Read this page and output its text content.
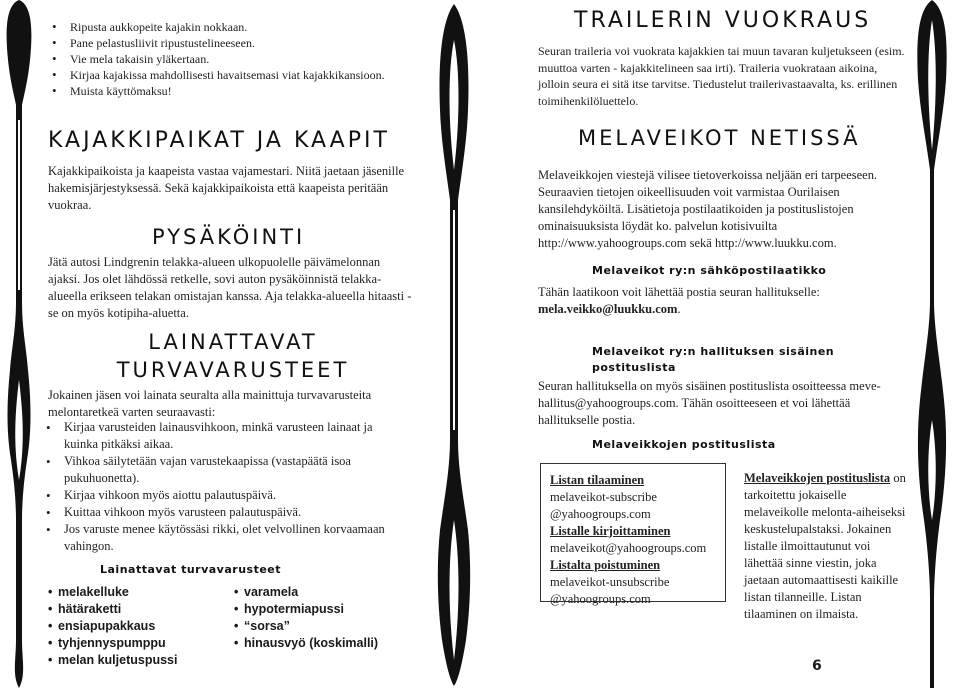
• Ripusta aukkopeite kajakin nokkaan.
• Pane pelastusliivit ripustustelineeseen.
• Vie mela takaisin yläkertaan.
• Kirjaa kajakissa mahdollisesti havaitsemasi viat kajakkikansioon.
• Muista käyttömaksu!
KAJAKKIPAIKAT JA KAAPIT
Kajakkipaikoista ja kaapeista vastaa vajamestari. Niitä jaetaan jäsenille hakemisjärjestyksessä. Sekä kajakkipaikoista että kaapeista peritään vuokraa.
PYSÄKÖINTI
Jätä autosi Lindgrenin telakka-alueen ulkopuolelle päivämelonnan ajaksi. Jos olet lähdössä retkelle, sovi auton pysäköinnistä telakka-alueella erikseen telakan omistajan kanssa. Aja telakka-alueella hitaasti - se on myös kotipiha-aluetta.
LAINATTAVAT
TURVAVARUSTEET
Jokainen jäsen voi lainata seuralta alla mainittuja turvavarusteita melontaretkeä varten seuraavasti:
• Kirjaa varusteiden lainausvihkoon, minkä varusteen lainaat ja kuinka pitkäksi aikaa.
• Vihkoa säilytetään vajan varustekaapissa (vastapäätä isoa pukuhuonetta).
• Kirjaa vihkoon myös aiottu palautuspäivä.
• Kuittaa vihkoon myös varusteen palautuspäivä.
• Jos varuste menee käytössäsi rikki, olet velvollinen korvaamaan vahingon.
Lainattavat turvavarusteet
• melakelluke
• hätäraketti
• ensiapupakkaus
• tyhjennyspumppu
• melan kuljetuspussi
• varamela
• hypotermiapussi
• “sorsa”
• hinausvyö (koskimalli)
TRAILERIN VUOKRAUS
Seuran traileria voi vuokrata kajakkien tai muun tavaran kuljetukseen (esim. muuttoa varten - kajakkitelineen saa irti). Traileria vuokrataan aikoina, jolloin seura ei sitä itse tarvitse. Tiedustelut trailerivastaavalta, ks. erillinen toimihenkilöluettelo.
MELAVEIKOT NETISSÄ
Melaveikkojen viestejä vilisee tietoverkoissa neljään eri tarpeeseen. Seuraavien tietojen oikeellisuuden voit varmistaa Ourilaisen kansilehdyköiltä. Lisätietoja postilaatikoiden ja postituslistojen ominaisuuksista löydät ko. palvelun kotisivuilta http://www.yahoogroups.com sekä http://www.luukku.com.
Melaveikot ry:n sähköpostilaatikko
Tähän laatikoon voit lähettää postia seuran hallitukselle:
mela.veikko@luukku.com.
Melaveikot ry:n hallituksen sisäinen
postituslista
Seuran hallituksella on myös sisäinen postituslista osoitteessa meve-hallitus@yahoogroups.com. Tähän osoitteeseen et voi lähettää hallitukselle postia.
Melaveikkojen postituslista
Listan tilaaminen
melaveikot-subscribe
@yahoogroups.com
Listalle kirjoittaminen
melaveikot@yahoogroups.com
Listalta poistuminen
melaveikot-unsubscribe
@yahoogroups.com
Melaveikkojen postituslista on tarkoitettu jokaiselle melaveikolle melonta-aiheiseksi keskustelupalstaksi. Jokainen listalle ilmoittautunut voi lähettää sinne viestin, joka jaetaan automaattisesti kaikille listan tilanneille. Listan tilaaminen on ilmaista.
6
